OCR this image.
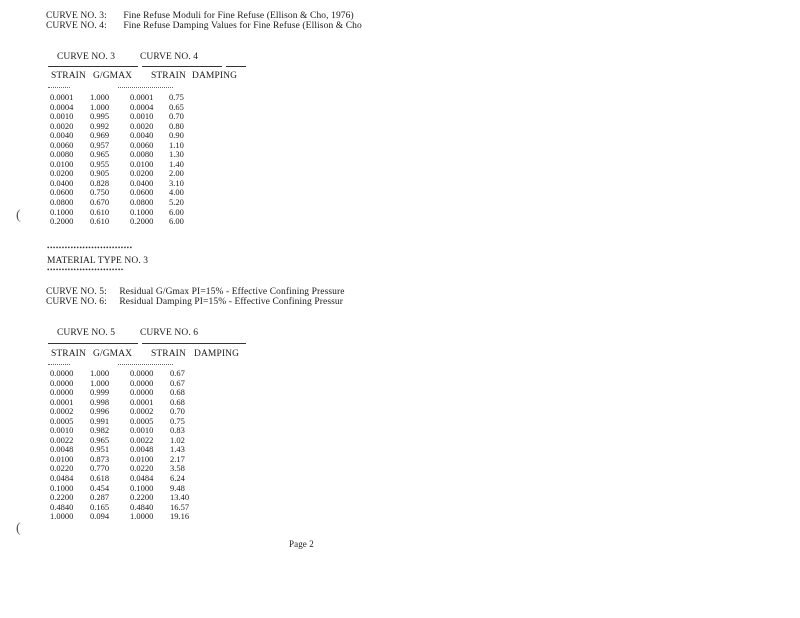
CURVE NO. 3: Fine Refuse Moduli for Fine Refuse (Ellison & Cho, 1976)
CURVE NO. 4: Fine Refuse Damping Values for Fine Refuse (Ellison & Cho
CURVE NO. 3	CURVE NO. 4
STRAIN G/GMAX STRAIN DAMPING
0.0001
0.0004
0.0010
0.0020
0.0040
0.0060
0.0080
0.0100
0.0200
0.0400
0.0600
0.0800
0.1000
0.2000
1.000
1.000
0.995
0.992
0.969
0.957
0.965
0.955
0.905
0.828
0.750
0.670
0.610
0.610
0.0001
0.0004
0.0010
0.0020
0.0040
0.0060
0.0080
0.0100
0.0200
0.0400
0.0600
0.0800
0.1000
0.2000
0.75
0.65
0.70
0.80
0.90
1.10
1.30
1.40
2.00
3.10
4.00
5.20
6.00
6.00
•••••••••••••••••••••••••••••
MATERIAL TYPE NO. 3
••••••••••••••••••••••••••
CURVE NO. 5: Residual G/Gmax PI=15% - Effective Confining Pressure
CURVE NO. 6: Residual Damping PI=15% - Effective Confining Pressur
CURVE NO. 5	CURVE NO. 6
STRAIN G/GMAX STRAIN DAMPING
0.0000
0.0000
0.0000
0.0001
0.0002
0.0005
0.0010
0.0022
0.0048
0.0100
0.0220
0.0484
0.1000
0.2200
0.4840
1.0000
1.000
1.000
0.999
0.998
0.996
0.991
0.982
0.965
0.951
0.873
0.770
0.618
0.454
0.287
0.165
0.094
0.0000
0.0000
0.0000
0.0001
0.0002
0.0005
0.0010
0.0022
0.0048
0.0100
0.0220
0.0484
0.1000
0.2200
0.4840
1.0000
0.67
0.67
0.68
0.68
0.70
0.75
0.83
1.02
1.43
2.17
3.58
6.24
9.48
13.40
16.57
19.16
Page 2
(
(
